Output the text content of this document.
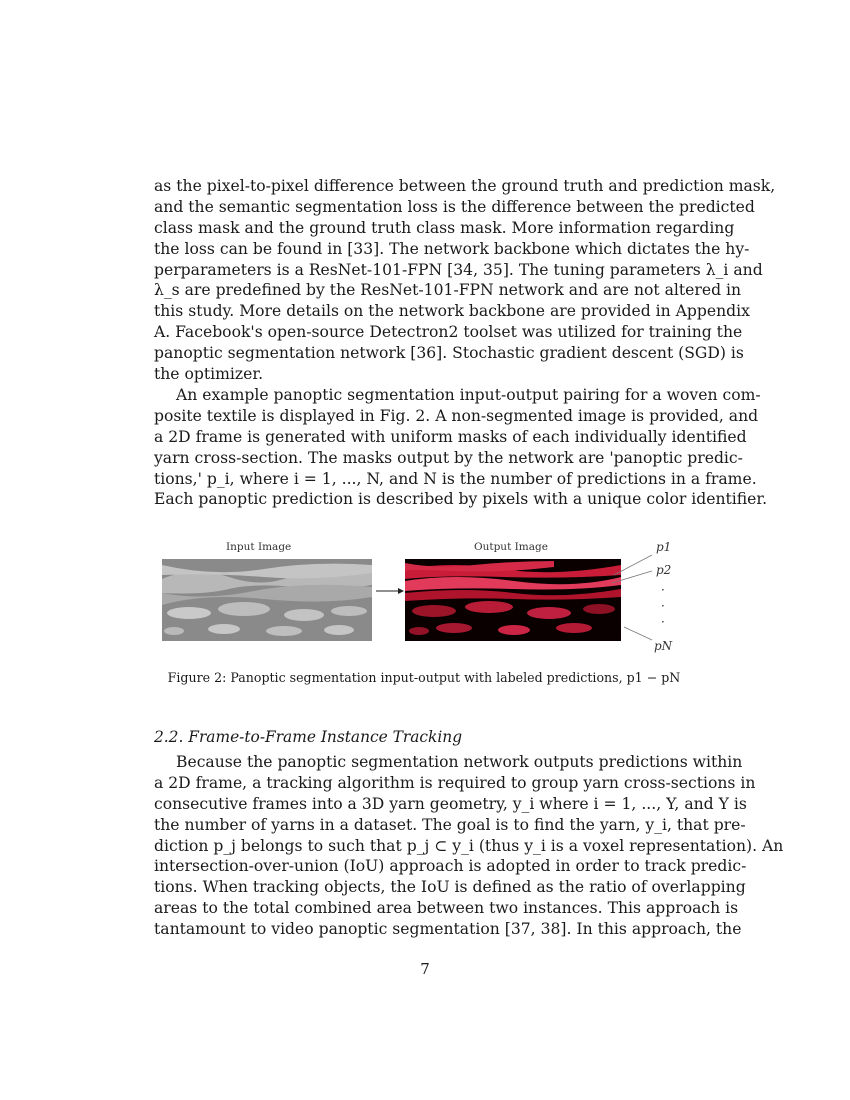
as the pixel-to-pixel difference between the ground truth and prediction mask,
and the semantic segmentation loss is the difference between the predicted
class mask and the ground truth class mask. More information regarding
the loss can be found in [33]. The network backbone which dictates the hy-
perparameters is a ResNet-101-FPN [34, 35]. The tuning parameters λ_i and
λ_s are predefined by the ResNet-101-FPN network and are not altered in
this study. More details on the network backbone are provided in Appendix
A. Facebook's open-source Detectron2 toolset was utilized for training the
panoptic segmentation network [36]. Stochastic gradient descent (SGD) is
the optimizer.
An example panoptic segmentation input-output pairing for a woven com-
posite textile is displayed in Fig. 2. A non-segmented image is provided, and
a 2D frame is generated with uniform masks of each individually identified
yarn cross-section. The masks output by the network are 'panoptic predic-
tions,' p_i, where i = 1, ..., N, and N is the number of predictions in a frame.
Each panoptic prediction is described by pixels with a unique color identifier.
Input Image	Output Image	p1
p2
·
·
·
pN
Figure 2: Panoptic segmentation input-output with labeled predictions, p1 − pN
2.2. Frame-to-Frame Instance Tracking
Because the panoptic segmentation network outputs predictions within
a 2D frame, a tracking algorithm is required to group yarn cross-sections in
consecutive frames into a 3D yarn geometry, y_i where i = 1, ..., Y, and Y is
the number of yarns in a dataset. The goal is to find the yarn, y_i, that pre-
diction p_j belongs to such that p_j ⊂ y_i (thus y_i is a voxel representation). An
intersection-over-union (IoU) approach is adopted in order to track predic-
tions. When tracking objects, the IoU is defined as the ratio of overlapping
areas to the total combined area between two instances. This approach is
tantamount to video panoptic segmentation [37, 38]. In this approach, the
7
